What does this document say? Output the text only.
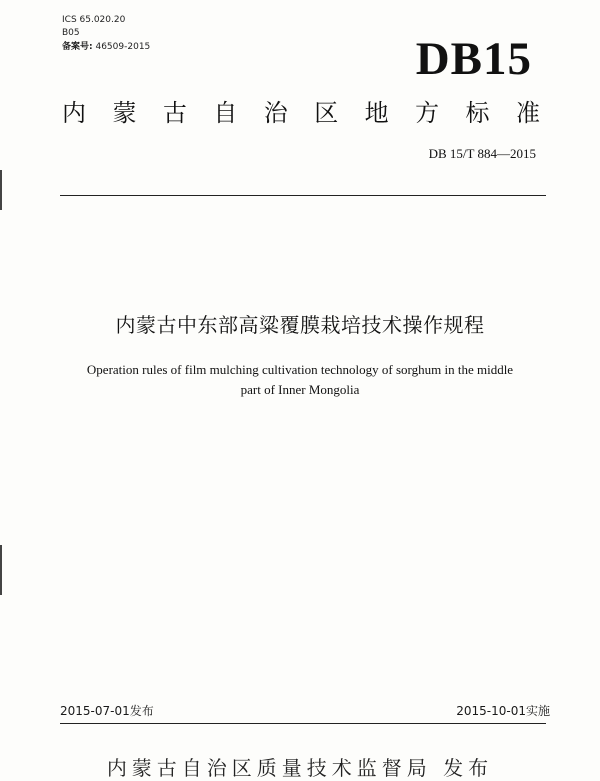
ICS 65.020.20
B05
备案号: 46509-2015	DB15
内 蒙 古 自 治 区 地 方 标 准
DB 15/T 884—2015
内蒙古中东部高粱覆膜栽培技术操作规程
Operation rules of film mulching cultivation technology of sorghum in the middle
part of Inner Mongolia
2015-07-01发布	2015-10-01实施
内蒙古自治区质量技术监督局 发布
